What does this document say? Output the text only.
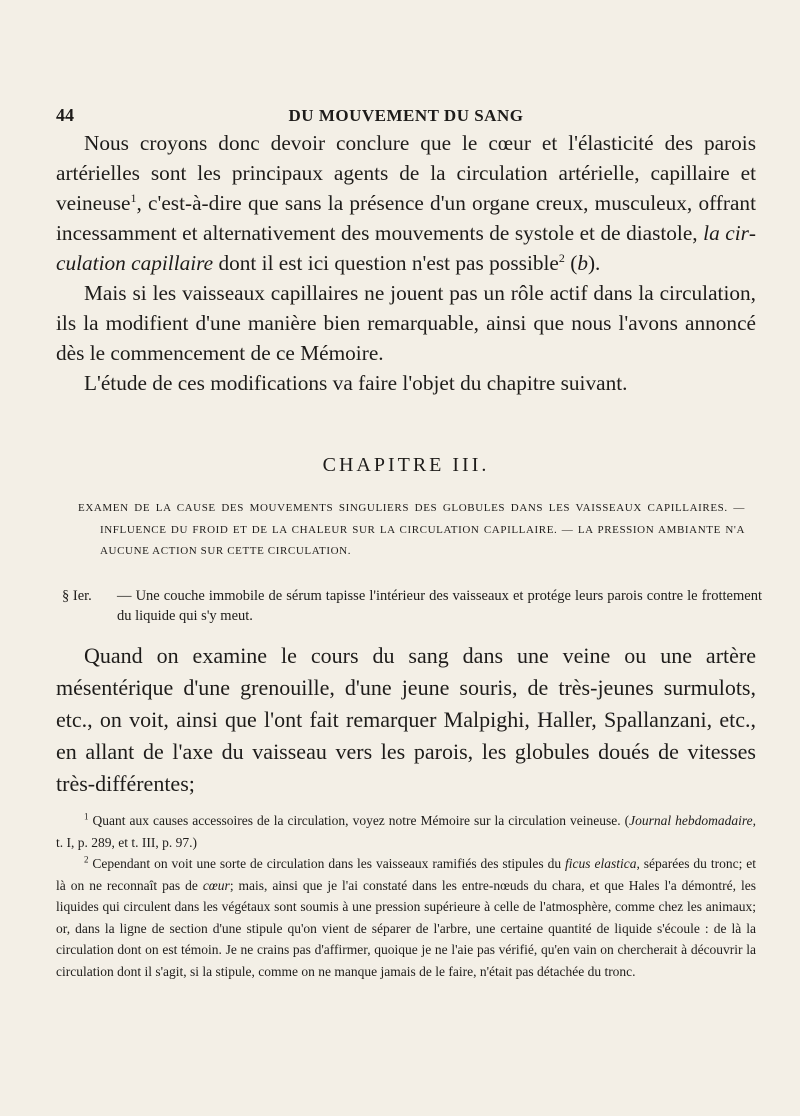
44	DU MOUVEMENT DU SANG

Nous croyons donc devoir conclure que le cœur et l'élasticité des parois artérielles sont les principaux agents de la circulation artérielle, capillaire et veineuse$^1$, c'est-à-dire que sans la présence d'un organe creux, musculeux, offrant incessamment et alternativement des mouvements de systole et de diastole, la circulation capillaire dont il est ici question n'est pas possible$^2$ (b).

Mais si les vaisseaux capillaires ne jouent pas un rôle actif dans la circulation, ils la modifient d'une manière bien remarquable, ainsi que nous l'avons annoncé dès le commencement de ce Mémoire.

L'étude de ces modifications va faire l'objet du chapitre suivant.

CHAPITRE III.

EXAMEN DE LA CAUSE DES MOUVEMENTS SINGULIERS DES GLOBULES DANS LES VAISSEAUX CAPILLAIRES. — INFLUENCE DU FROID ET DE LA CHALEUR SUR LA CIRCULATION CAPILLAIRE. — LA PRESSION AMBIANTE N'A AUCUNE ACTION SUR CETTE CIRCULATION.

§ Ier. — Une couche immobile de sérum tapisse l'intérieur des vaisseaux et protége leurs parois contre le frottement du liquide qui s'y meut.

Quand on examine le cours du sang dans une veine ou une artère mésentérique d'une grenouille, d'une jeune souris, de très-jeunes surmulots, etc., on voit, ainsi que l'ont fait remarquer Malpighi, Haller, Spallanzani, etc., en allant de l'axe du vaisseau vers les parois, les globules doués de vitesses très-différentes;

$^1$ Quant aux causes accessoires de la circulation, voyez notre Mémoire sur la circulation veineuse. (Journal hebdomadaire, t. I, p. 289, et t. III, p. 97.)

$^2$ Cependant on voit une sorte de circulation dans les vaisseaux ramifiés des stipules du ficus elastica, séparées du tronc; et là on ne reconnaît pas de cœur; mais, ainsi que je l'ai constaté dans les entre-nœuds du chara, et que Hales l'a démontré, les liquides qui circulent dans les végétaux sont soumis à une pression supérieure à celle de l'atmosphère, comme chez les animaux; or, dans la ligne de section d'une stipule qu'on vient de séparer de l'arbre, une certaine quantité de liquide s'écoule : de là la circulation dont on est témoin. Je ne crains pas d'affirmer, quoique je ne l'aie pas vérifié, qu'en vain on chercherait à découvrir la circulation dont il s'agit, si la stipule, comme on ne manque jamais de le faire, n'était pas détachée du tronc.
